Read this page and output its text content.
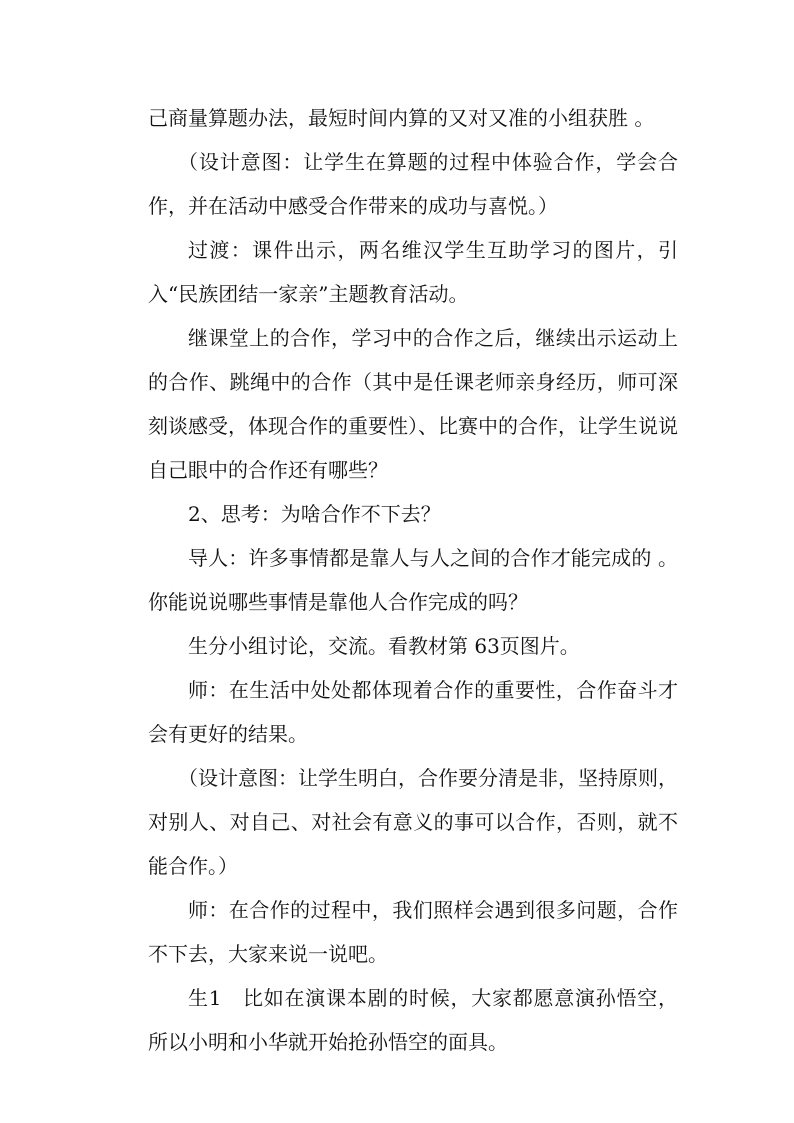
己商量算题办法，最短时间内算的又对又准的小组获胜 。

（设计意图：让学生在算题的过程中体验合作，学会合作，并在活动中感受合作带来的成功与喜悦。）

过渡：课件出示，两名维汉学生互助学习的图片，引入“民族团结一家亲”主题教育活动。

继课堂上的合作，学习中的合作之后，继续出示运动上的合作、跳绳中的合作（其中是任课老师亲身经历，师可深刻谈感受，体现合作的重要性）、比赛中的合作，让学生说说自己眼中的合作还有哪些？

2、思考：为啥合作不下去？

导人：许多事情都是靠人与人之间的合作才能完成的 。你能说说哪些事情是靠他人合作完成的吗？

生分小组讨论，交流。看教材第 63页图片。

师：在生活中处处都体现着合作的重要性，合作奋斗才会有更好的结果。

（设计意图：让学生明白，合作要分清是非，坚持原则，对别人、对自己、对社会有意义的事可以合作，否则，就不能合作。）

师：在合作的过程中，我们照样会遇到很多问题，合作不下去，大家来说一说吧。

生1　比如在演课本剧的时候，大家都愿意演孙悟空，所以小明和小华就开始抢孙悟空的面具。
